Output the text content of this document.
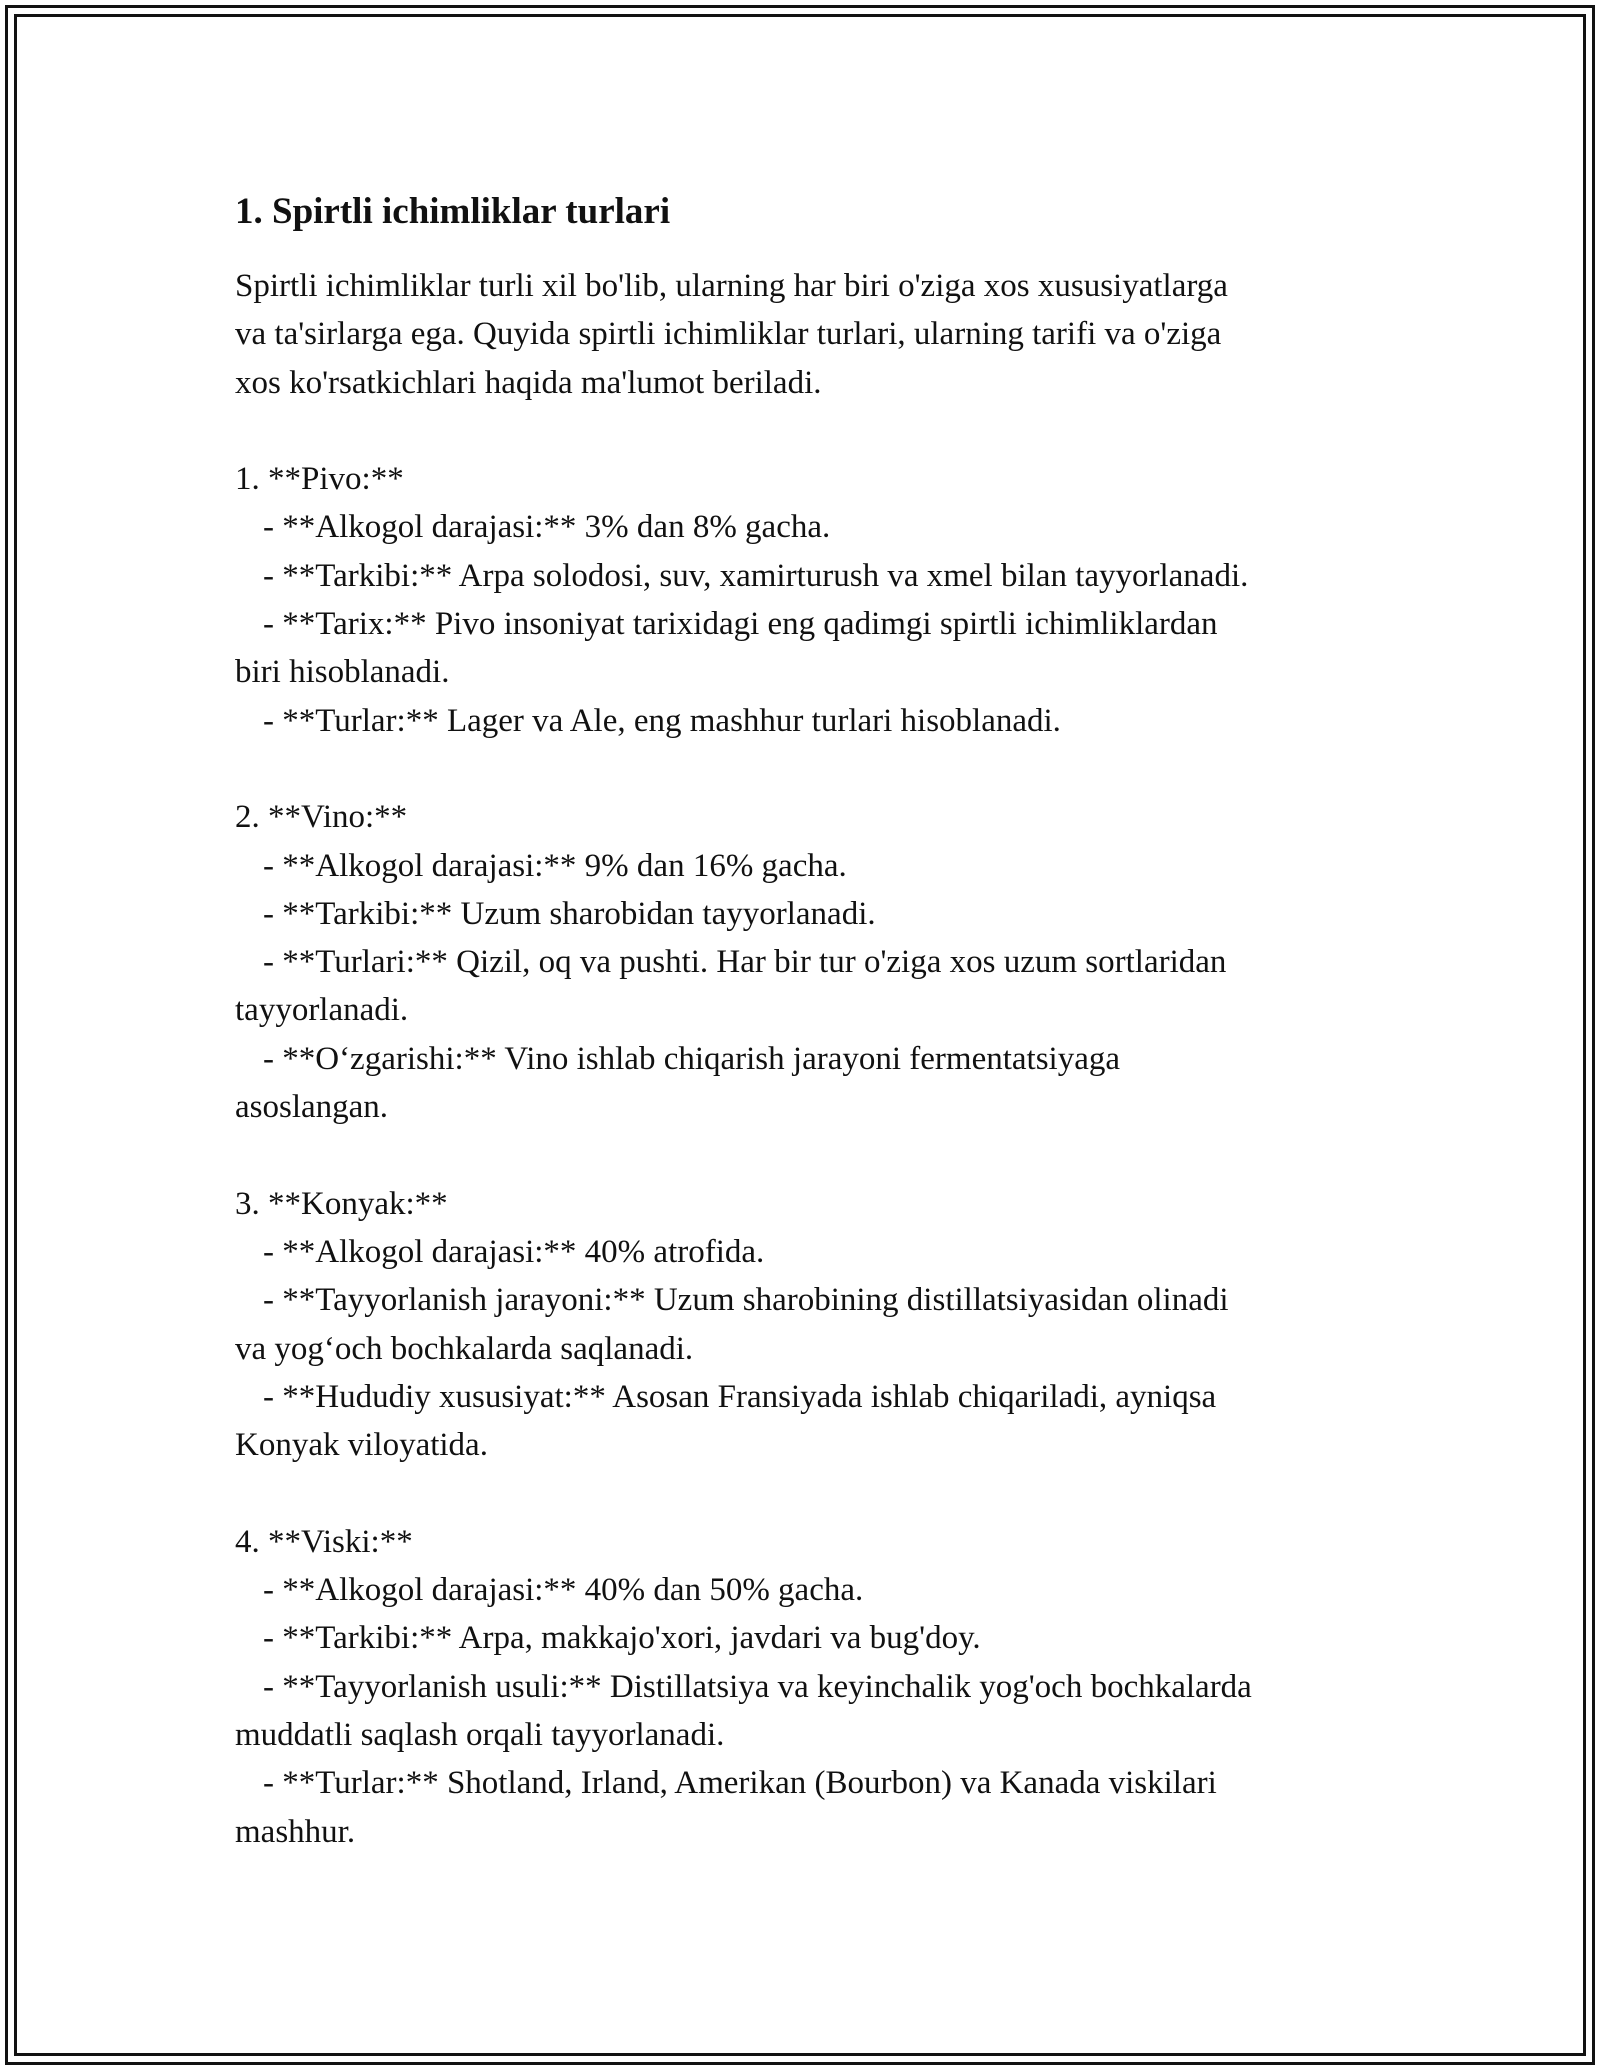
1. Spirtli ichimliklar turlari

Spirtli ichimliklar turli xil bo'lib, ularning har biri o'ziga xos xususiyatlarga

va ta'sirlarga ega. Quyida spirtli ichimliklar turlari, ularning tarifi va o'ziga

xos ko'rsatkichlari haqida ma'lumot beriladi.

1. **Pivo:**

- **Alkogol darajasi:** 3% dan 8% gacha.

- **Tarkibi:** Arpa solodosi, suv, xamirturush va xmel bilan tayyorlanadi.

- **Tarix:** Pivo insoniyat tarixidagi eng qadimgi spirtli ichimliklardan

biri hisoblanadi.

- **Turlar:** Lager va Ale, eng mashhur turlari hisoblanadi.

2. **Vino:**

- **Alkogol darajasi:** 9% dan 16% gacha.

- **Tarkibi:** Uzum sharobidan tayyorlanadi.

- **Turlari:** Qizil, oq va pushti. Har bir tur o'ziga xos uzum sortlaridan

tayyorlanadi.

- **O‘zgarishi:** Vino ishlab chiqarish jarayoni fermentatsiyaga

asoslangan.

3. **Konyak:**

- **Alkogol darajasi:** 40% atrofida.

- **Tayyorlanish jarayoni:** Uzum sharobining distillatsiyasidan olinadi

va yog‘och bochkalarda saqlanadi.

- **Hududiy xususiyat:** Asosan Fransiyada ishlab chiqariladi, ayniqsa

Konyak viloyatida.

4. **Viski:**

- **Alkogol darajasi:** 40% dan 50% gacha.

- **Tarkibi:** Arpa, makkajo'xori, javdari va bug'doy.

- **Tayyorlanish usuli:** Distillatsiya va keyinchalik yog'och bochkalarda

muddatli saqlash orqali tayyorlanadi.

- **Turlar:** Shotland, Irland, Amerikan (Bourbon) va Kanada viskilari

mashhur.
